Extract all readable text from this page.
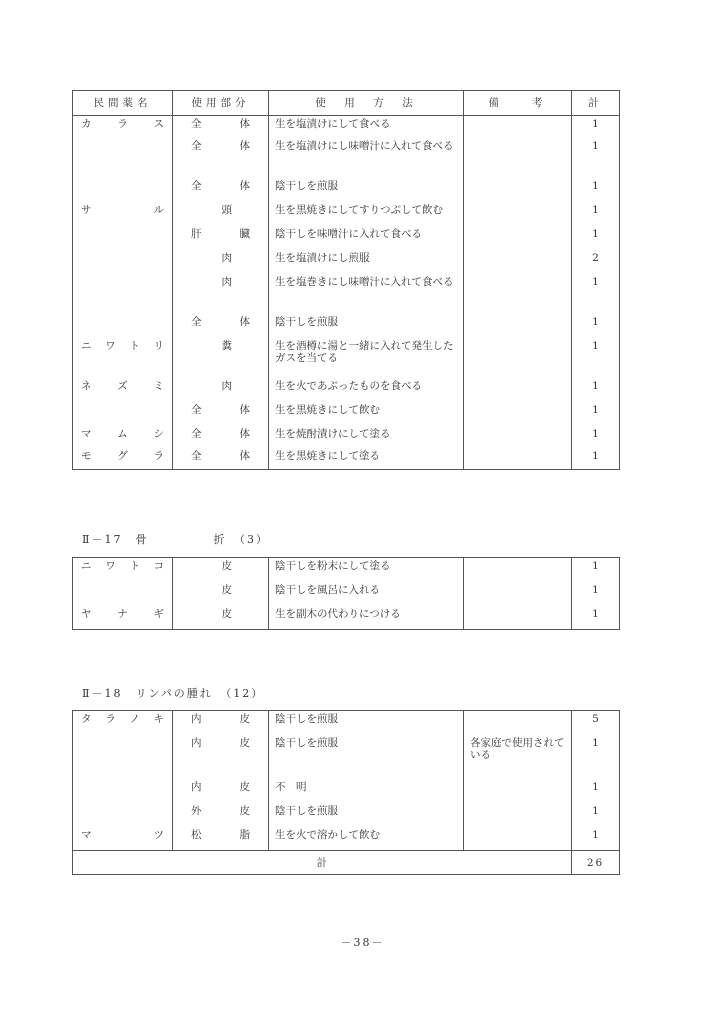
民間薬名	使用部分	使　用　方　法	備　　考	計
カラス	全体	生を塩漬けにして食べる		1
	全体	生を塩漬けにし味噌汁に入れて食べる		1
	全体	陰干しを煎服		1
サル	頭	生を黒焼きにしてすりつぶして飲む		1
	肝臓	陰干しを味噌汁に入れて食べる		1
	肉	生を塩漬けにし煎服		2
	肉	生を塩巻きにし味噌汁に入れて食べる		1
	全体	陰干しを煎服		1
ニワトリ	糞	生を酒樽に湯と一緒に入れて発生したガスを当てる		1
ネズミ	肉	生を火であぶったものを食べる		1
	全体	生を黒焼きにして飲む		1
マムシ	全体	生を焼酎漬けにして塗る		1
モグラ	全体	生を黒焼きにして塗る		1
Ⅱ－17　骨　　　　　折　（3）
ニワトコ	皮	陰干しを粉末にして塗る		1
	皮	陰干しを風呂に入れる		1
ヤナギ	皮	生を副木の代わりにつける		1
Ⅱ－18　リンパの腫れ　（12）
タラノキ	内皮	陰干しを煎服		5
	内皮	陰干しを煎服	各家庭で使用されている	1
	内皮	不　明		1
	外皮	陰干しを煎服		1
マツ	松脂	生を火で溶かして飲む		1
計				26
－38－
